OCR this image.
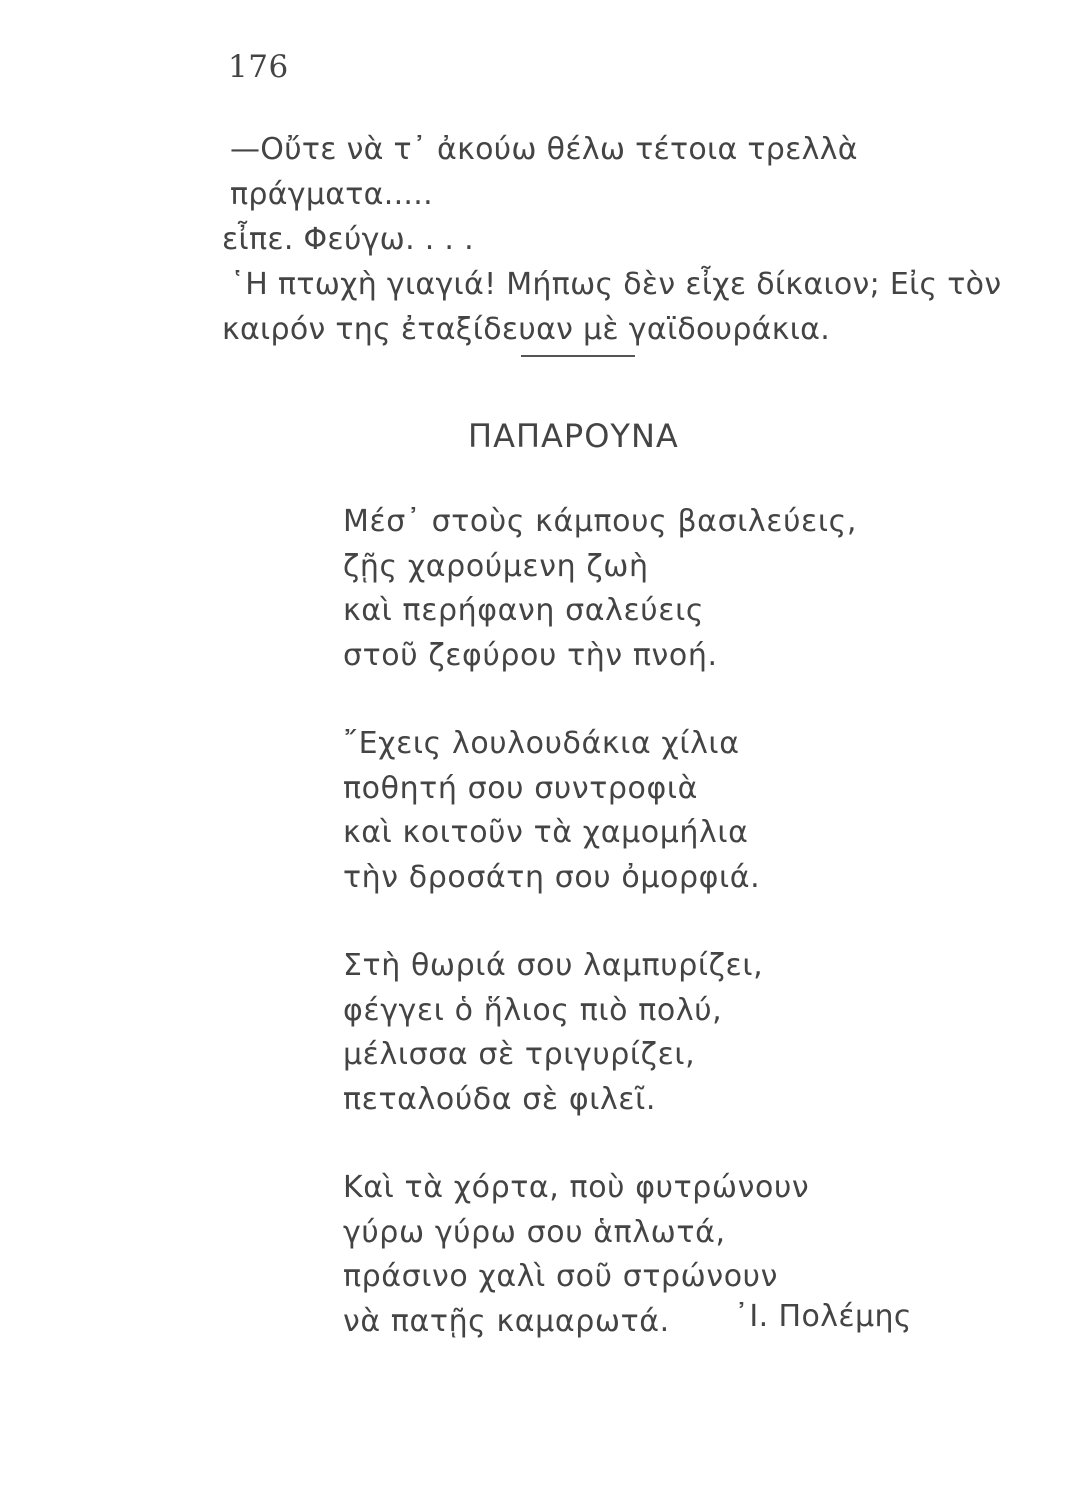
176

—Οὔτε νὰ τ᾽ ἀκούω θέλω τέτοια τρελλὰ πράγματα.....

εἶπε. Φεύγω. . . .

῾Η πτωχὴ γιαγιά! Μήπως δὲν εἶχε δίκαιον; Εἰς τὸν

καιρόν της ἐταξίδευαν μὲ γαϊδουράκια.

ΠΑΠΑΡΟΥΝΑ
Μέσ᾽ στοὺς κάμπους βασιλεύεις,
ζῇς χαρούμενη ζωὴ
καὶ περήφανη σαλεύεις
στοῦ ζεφύρου τὴν πνοή.
῎Εχεις λουλουδάκια χίλια
ποθητή σου συντροφιὰ
καὶ κοιτοῦν τὰ χαμομήλια
τὴν δροσάτη σου ὀμορφιά.
Στὴ θωριά σου λαμπυρίζει,
φέγγει ὁ ἥλιος πιὸ πολύ,
μέλισσα σὲ τριγυρίζει,
πεταλούδα σὲ φιλεῖ.
Καὶ τὰ χόρτα, ποὺ φυτρώνουν
γύρω γύρω σου ἁπλωτά,
πράσινο χαλὶ σοῦ στρώνουν
νὰ πατῇς καμαρωτά.	᾽Ι. Πολέμης
